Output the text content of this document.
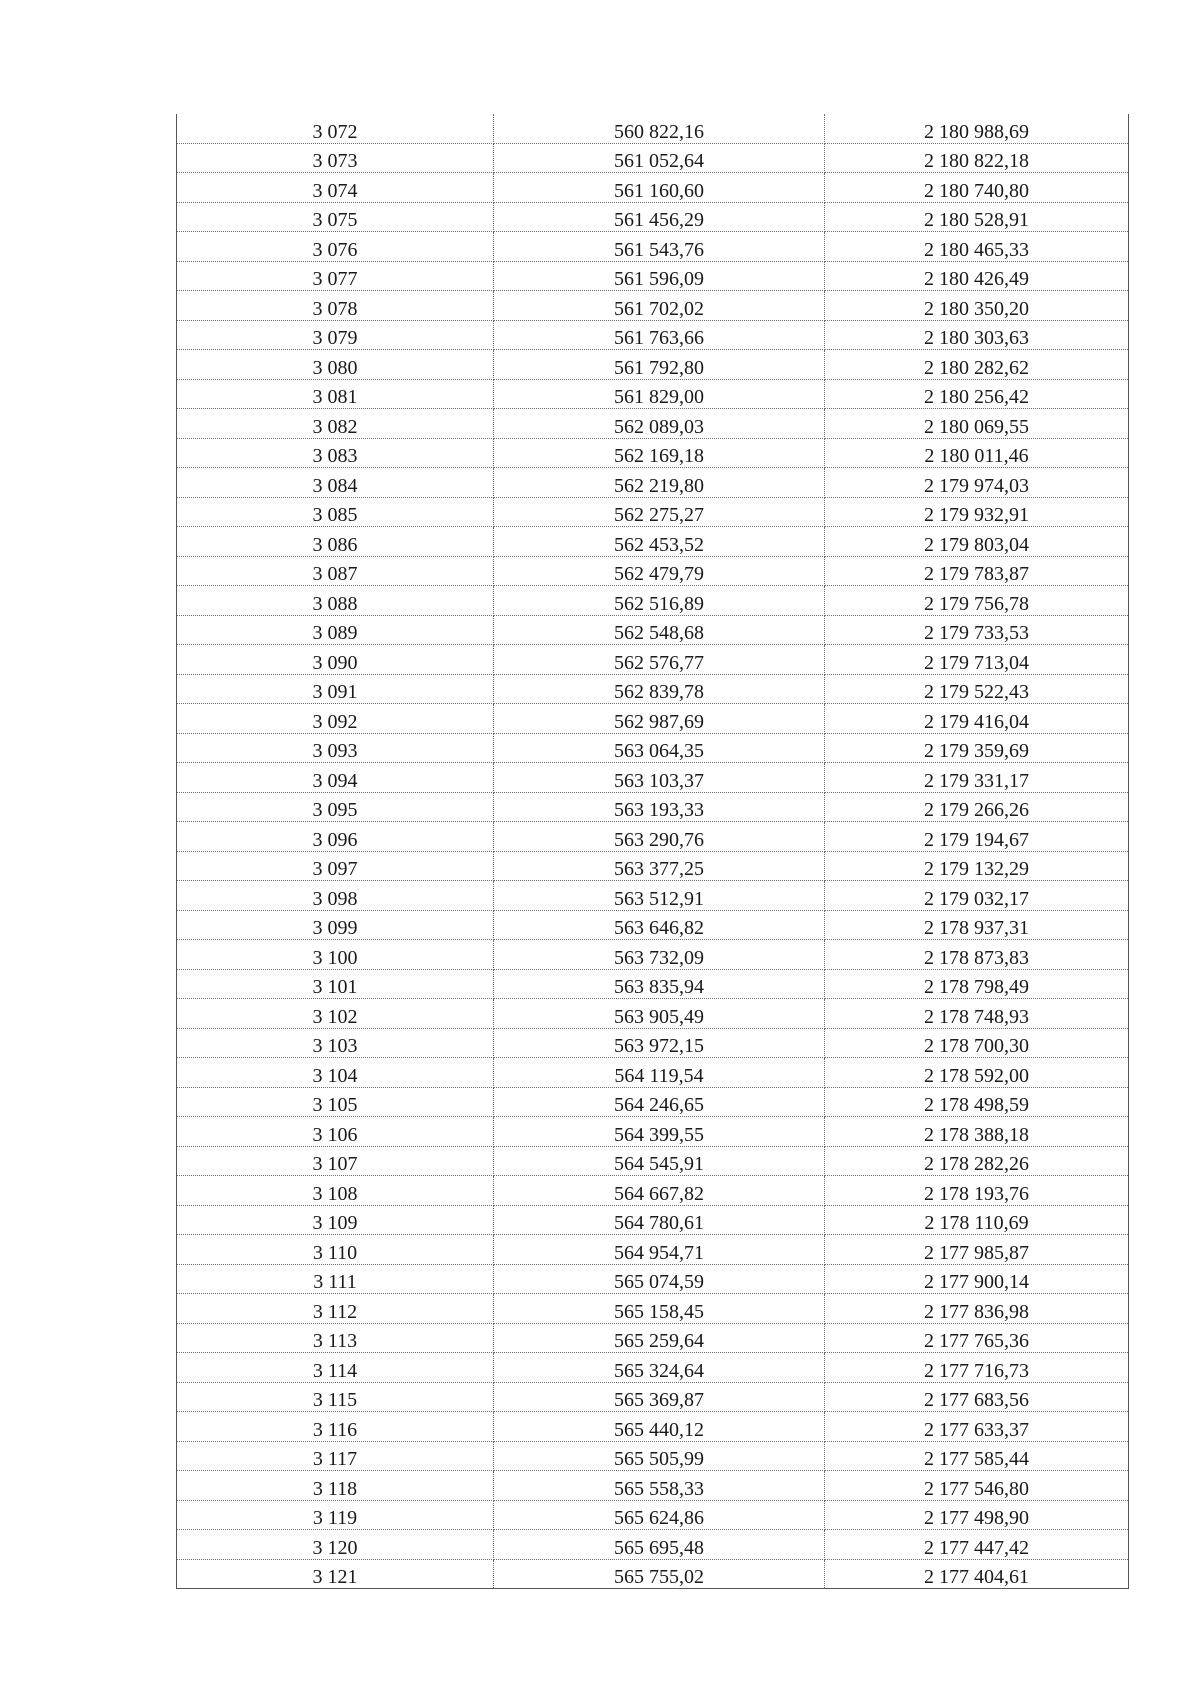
3 072	560 822,16	2 180 988,69
3 073	561 052,64	2 180 822,18
3 074	561 160,60	2 180 740,80
3 075	561 456,29	2 180 528,91
3 076	561 543,76	2 180 465,33
3 077	561 596,09	2 180 426,49
3 078	561 702,02	2 180 350,20
3 079	561 763,66	2 180 303,63
3 080	561 792,80	2 180 282,62
3 081	561 829,00	2 180 256,42
3 082	562 089,03	2 180 069,55
3 083	562 169,18	2 180 011,46
3 084	562 219,80	2 179 974,03
3 085	562 275,27	2 179 932,91
3 086	562 453,52	2 179 803,04
3 087	562 479,79	2 179 783,87
3 088	562 516,89	2 179 756,78
3 089	562 548,68	2 179 733,53
3 090	562 576,77	2 179 713,04
3 091	562 839,78	2 179 522,43
3 092	562 987,69	2 179 416,04
3 093	563 064,35	2 179 359,69
3 094	563 103,37	2 179 331,17
3 095	563 193,33	2 179 266,26
3 096	563 290,76	2 179 194,67
3 097	563 377,25	2 179 132,29
3 098	563 512,91	2 179 032,17
3 099	563 646,82	2 178 937,31
3 100	563 732,09	2 178 873,83
3 101	563 835,94	2 178 798,49
3 102	563 905,49	2 178 748,93
3 103	563 972,15	2 178 700,30
3 104	564 119,54	2 178 592,00
3 105	564 246,65	2 178 498,59
3 106	564 399,55	2 178 388,18
3 107	564 545,91	2 178 282,26
3 108	564 667,82	2 178 193,76
3 109	564 780,61	2 178 110,69
3 110	564 954,71	2 177 985,87
3 111	565 074,59	2 177 900,14
3 112	565 158,45	2 177 836,98
3 113	565 259,64	2 177 765,36
3 114	565 324,64	2 177 716,73
3 115	565 369,87	2 177 683,56
3 116	565 440,12	2 177 633,37
3 117	565 505,99	2 177 585,44
3 118	565 558,33	2 177 546,80
3 119	565 624,86	2 177 498,90
3 120	565 695,48	2 177 447,42
3 121	565 755,02	2 177 404,61
